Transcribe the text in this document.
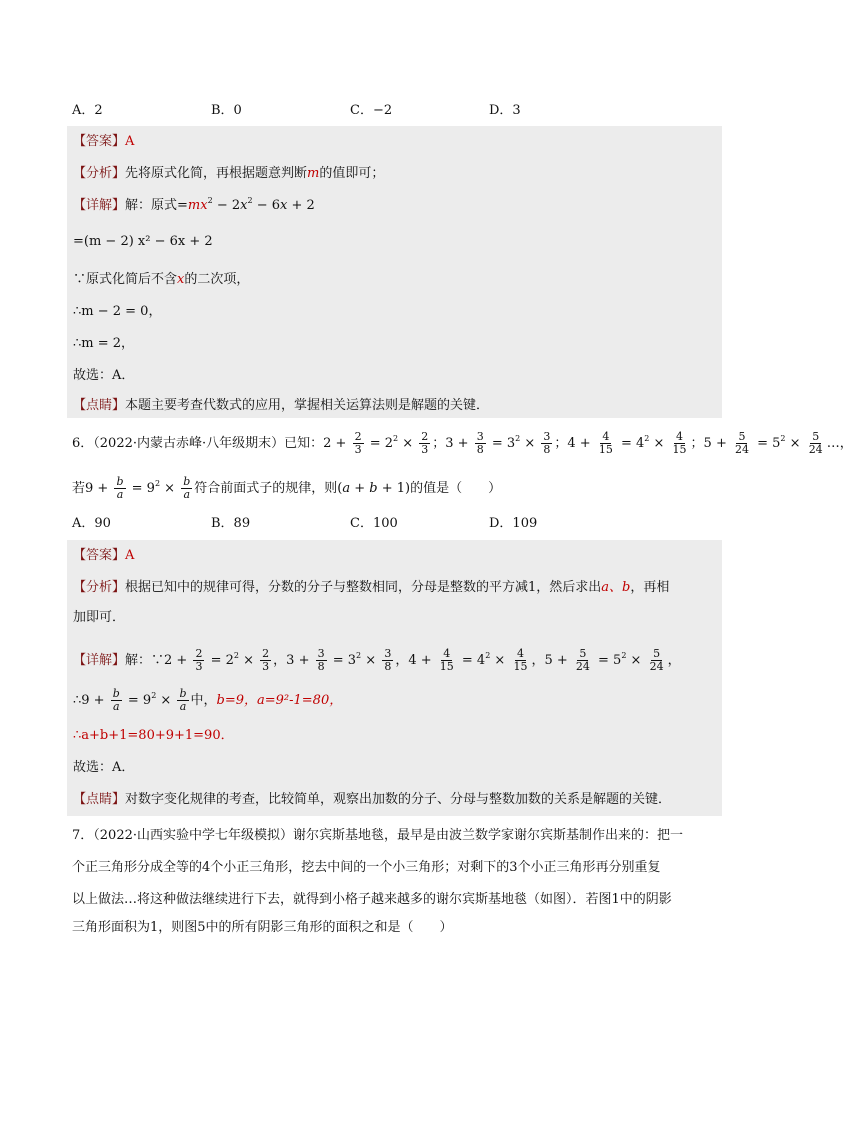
A．2	B．0	C．−2	D．3
【答案】A
【分析】先将原式化简，再根据题意判断m的值即可；
【详解】解：原式$=mx^2 - 2x^2 - 6x + 2$
=(m − 2) x² − 6x + 2
∵原式化简后不含x的二次项，
∴m − 2 = 0，
∴m = 2，
故选：A．
【点睛】本题主要考查代数式的应用，掌握相关运算法则是解题的关键．
6．（2022·内蒙古赤峰·八年级期末）已知：$2 + \frac{2}{3} = 2^2 \times \frac{2}{3}$ ；$3 + \frac{3}{8} = 3^2 \times \frac{3}{8}$ ；$4 + \frac{4}{15} = 4^2 \times \frac{4}{15}$ ；$5 + \frac{5}{24} = 5^2 \times \frac{5}{24}$ …，
若$9 + \frac{b}{a} = 9^2 \times \frac{b}{a}$ 符合前面式子的规律，则(a + b + 1)的值是（　　）
A．90	B．89	C．100	D．109
【答案】A
【分析】根据已知中的规律可得，分数的分子与整数相同，分母是整数的平方减1，然后求出a、b，再相
加即可．
【详解】解：∵2 + $\frac{2}{3} = 2^2 \times \frac{2}{3}$ ，$3 + \frac{3}{8} = 3^2 \times \frac{3}{8}$ ，$4 + \frac{4}{15} = 4^2 \times \frac{4}{15}$ ，$5 + \frac{5}{24} = 5^2 \times \frac{5}{24}$ ，
∴9 + $\frac{b}{a} = 9^2 \times \frac{b}{a}$ 中，b=9，a=9²-1=80，
∴a+b+1=80+9+1=90．
故选：A．
【点睛】对数字变化规律的考查，比较简单，观察出加数的分子、分母与整数加数的关系是解题的关键．
7．（2022·山西实验中学七年级模拟）谢尔宾斯基地毯，最早是由波兰数学家谢尔宾斯基制作出来的：把一
个正三角形分成全等的4个小正三角形，挖去中间的一个小三角形；对剩下的3个小正三角形再分别重复
以上做法…将这种做法继续进行下去，就得到小格子越来越多的谢尔宾斯基地毯（如图）．若图1中的阴影
三角形面积为1，则图5中的所有阴影三角形的面积之和是（　　）
